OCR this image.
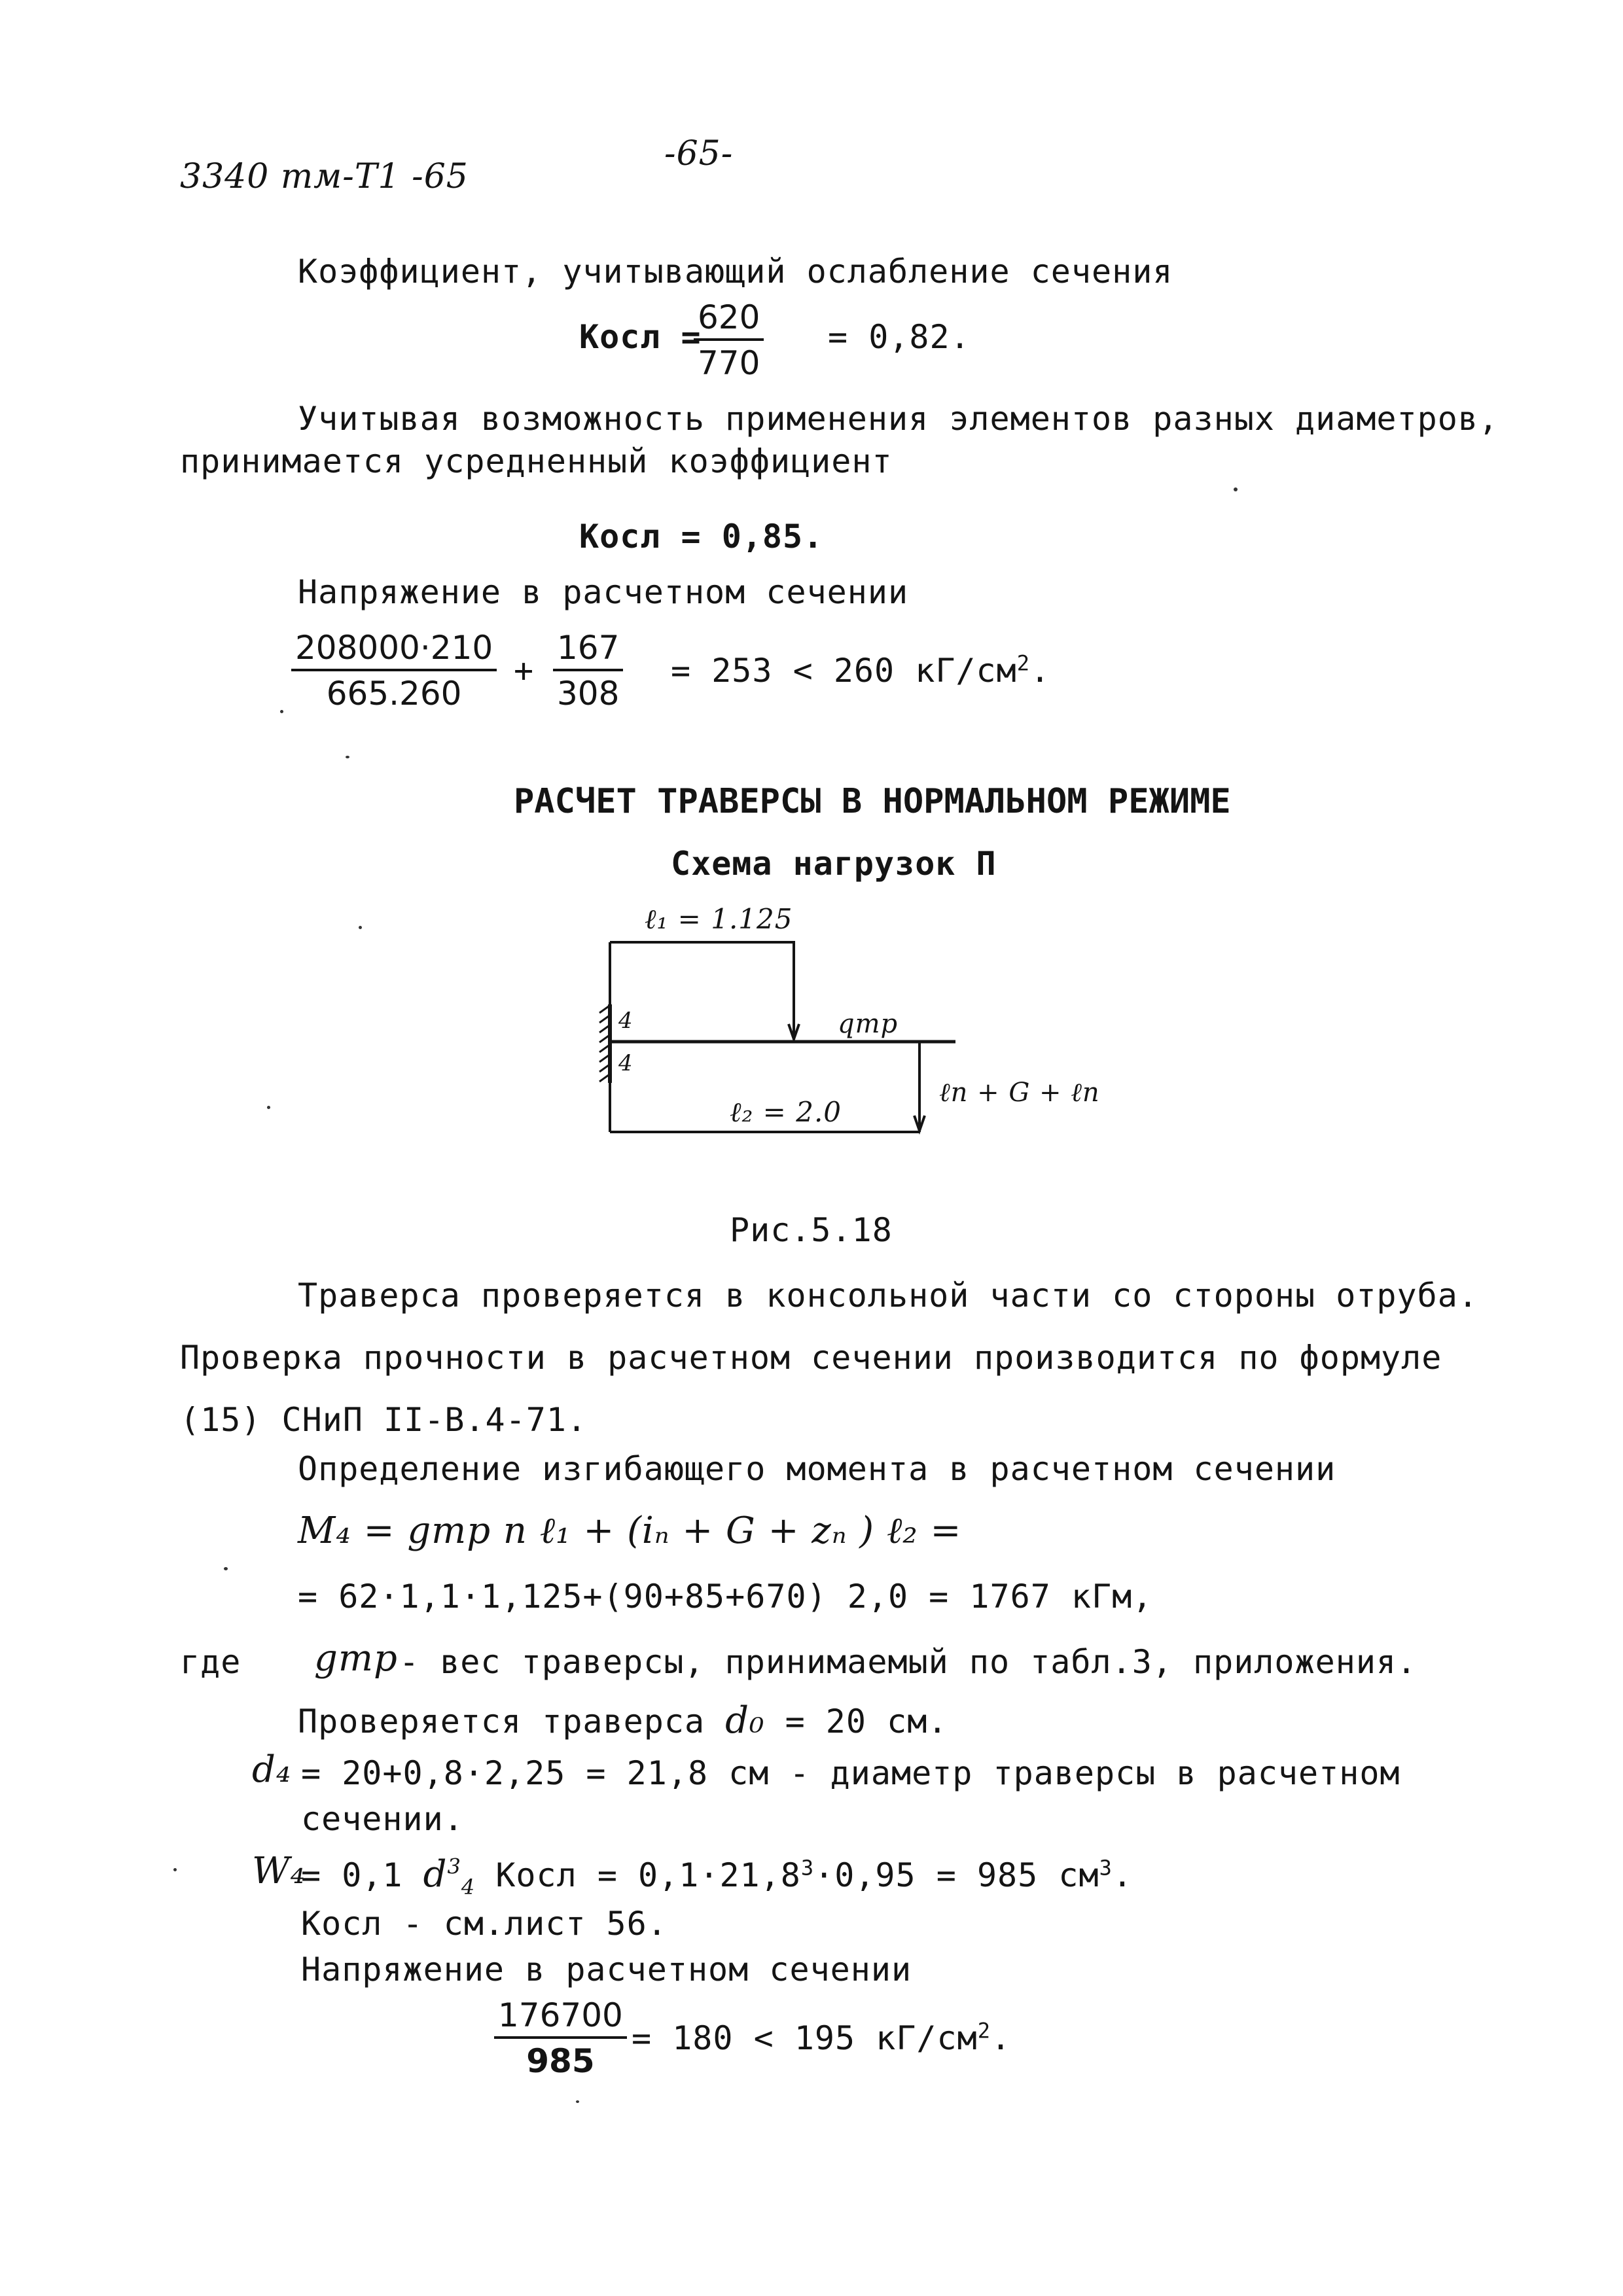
3340 тм-Т1 -65
-65-
Коэффициент, учитывающий ослабление сечения
Косл =
$\frac{620}{770} = 0,82$.
Учитывая возможность применения элементов разных диаметров,
принимается усредненный коэффициент
Косл = 0,85.
Напряжение в расчетном сечении
$\frac{208000\cdot 210}{665.260} + \frac{167}{308} = 253 < 260$ $кГ/см^2$.
РАСЧЕТ ТРАВЕРСЫ В НОРМАЛЬНОМ РЕЖИМЕ
Схема нагрузок П
ℓ₁ = 1.125
qтр
4
4
ℓ₂ = 2.0
ℓn + G + ℓn
Рис.5.18
Траверса проверяется в консольной части со стороны отруба.
Проверка прочности в расчетном сечении производится по формуле
(15) СНиП II-В.4-71.
Определение изгибающего момента в расчетном сечении
M₄ = gтр n ℓ₁ + (iₙ + G + zₙ ) ℓ₂ =
= 62·1,1·1,125+(90+85+670) 2,0 = 1767 кГм,
где gтр - вес траверсы, принимаемый по табл.3, приложения.
Проверяется траверса d₀ = 20 см.
d₄ = 20+0,8·2,25 = 21,8 см - диаметр траверсы в расчетном
сечении.
W₄
= 0,1 $d^3_4$ Косл = $0,1\cdot 21,8^3\cdot 0,95 = 985$ $см^3$.
Косл - см.лист 56.
Напряжение в расчетном сечении
$\frac{176700}{985} = 180 < 195$ $кГ/см^2$.
